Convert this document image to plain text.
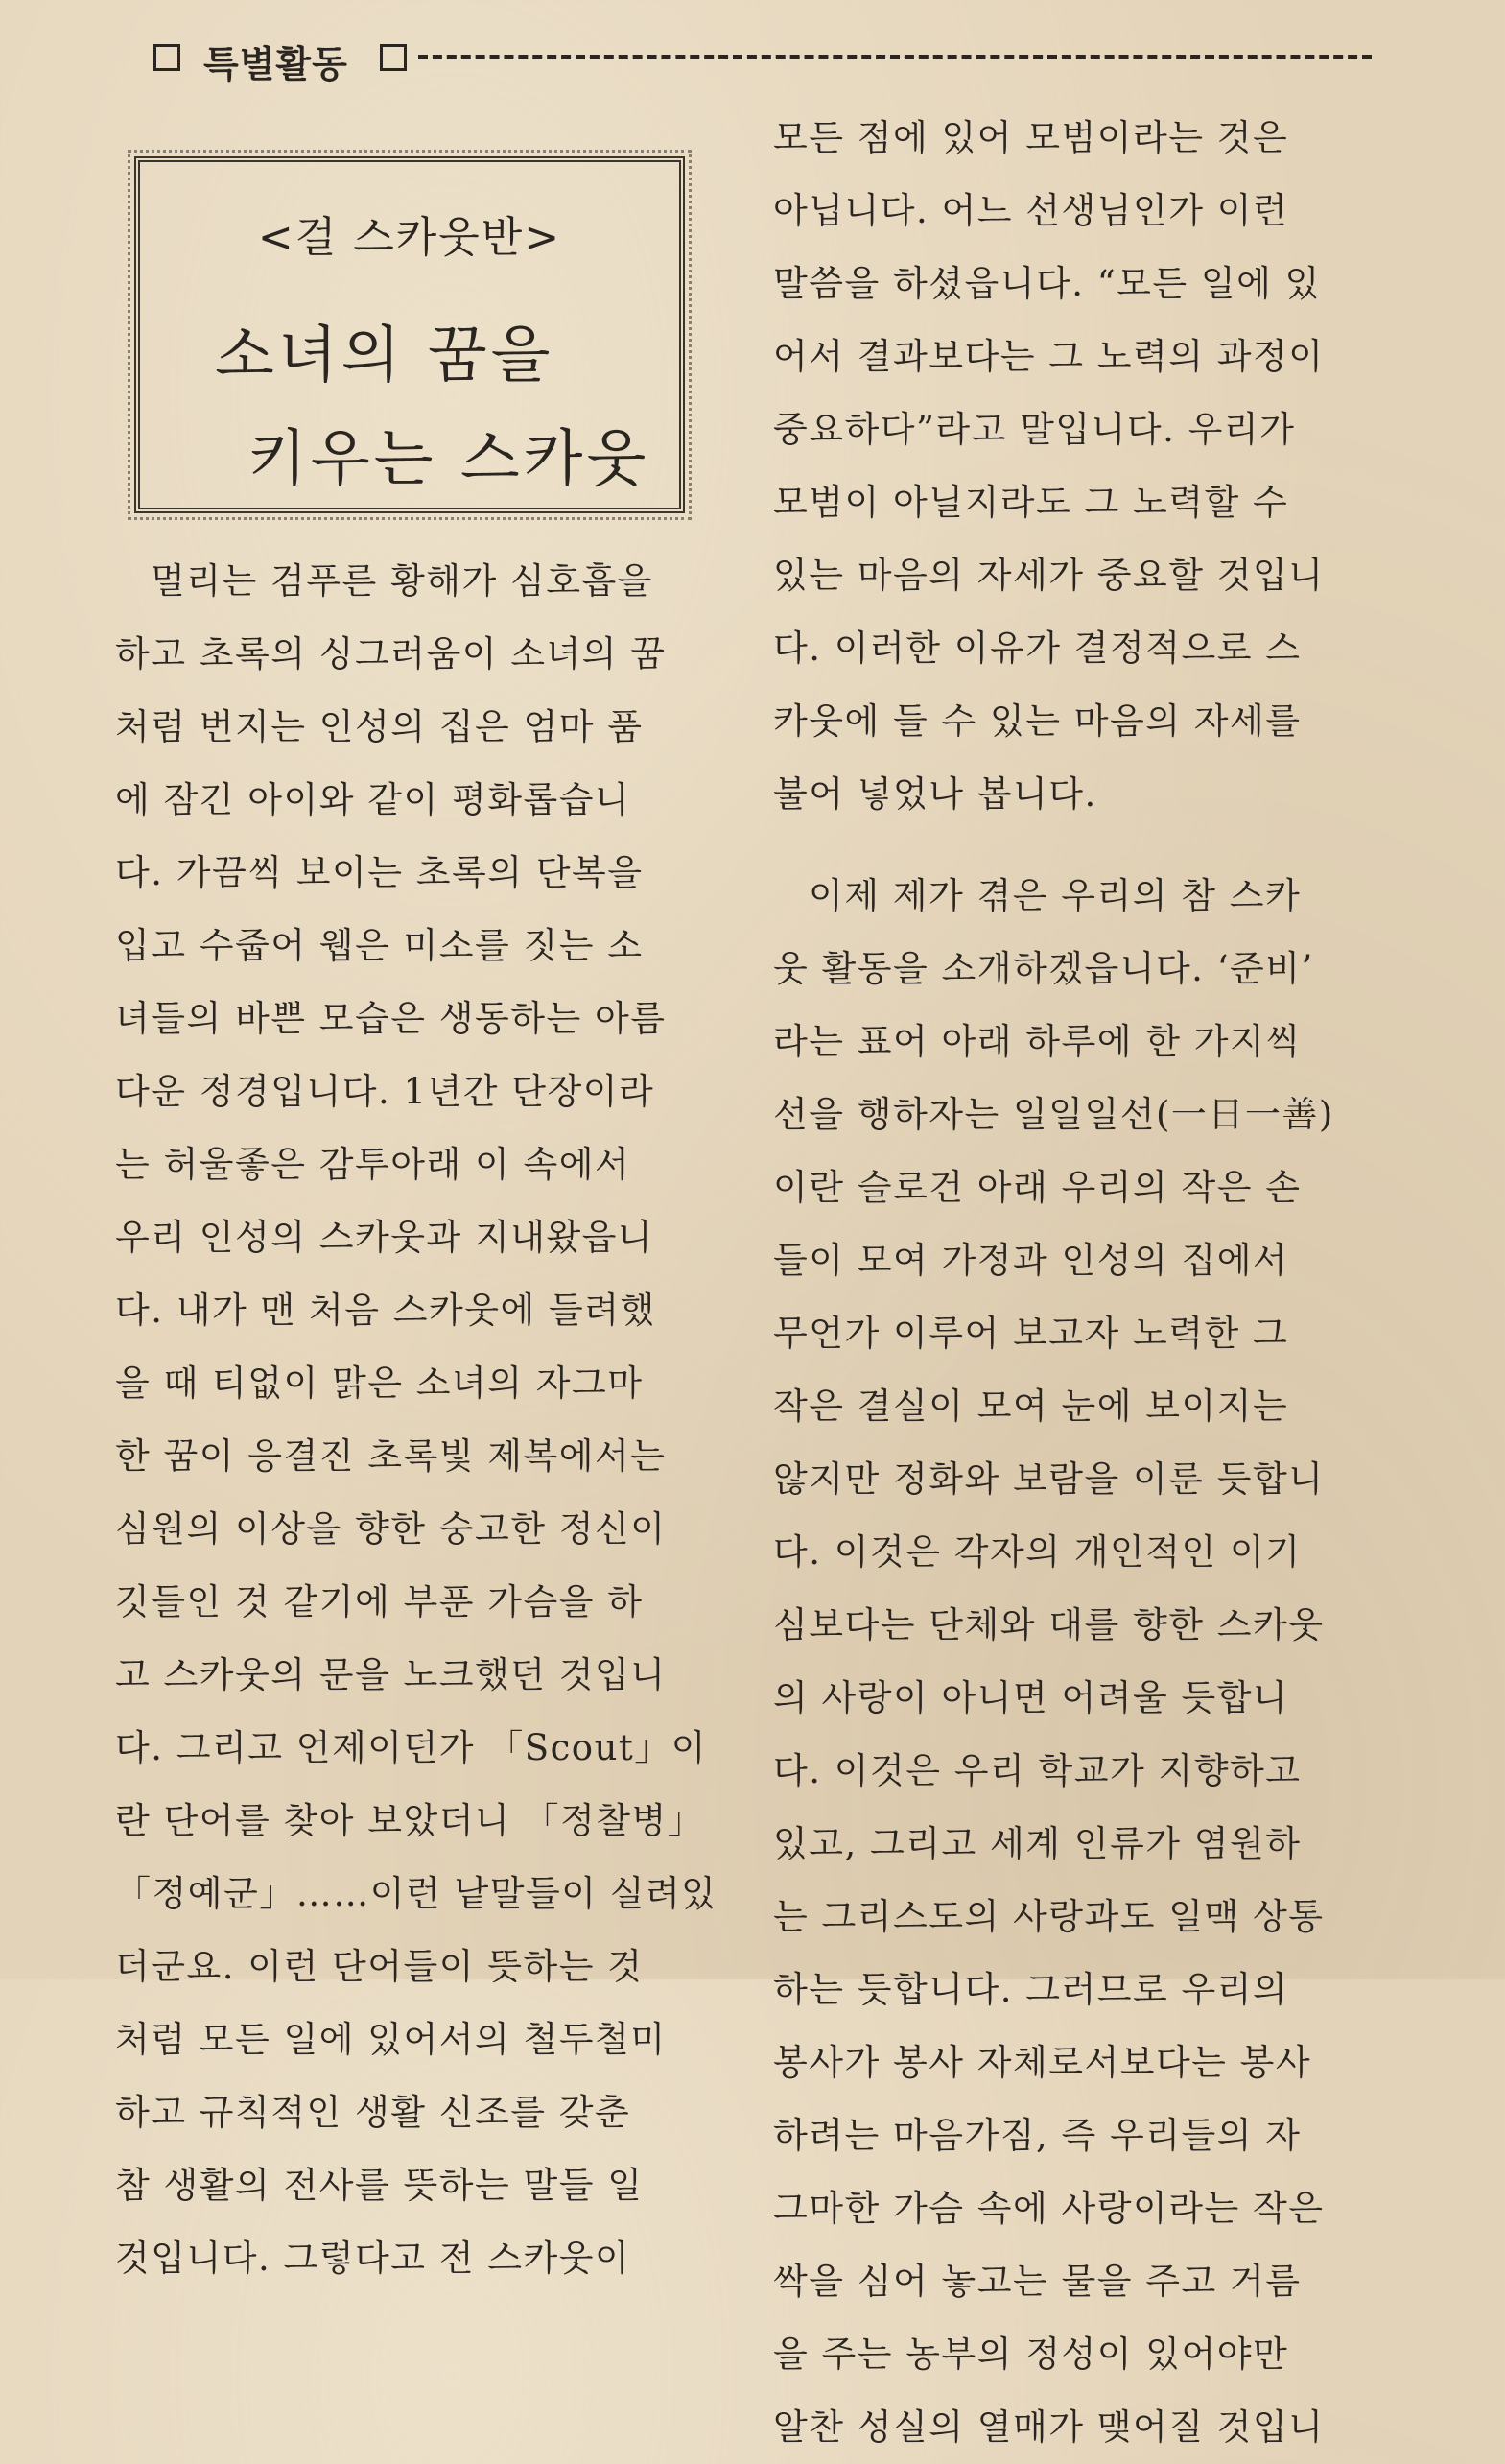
특별활동
<걸 스카웃반>
소녀의 꿈을
키우는 스카웃
멀리는 검푸른 황해가 심호흡을
하고 초록의 싱그러움이 소녀의 꿈
처럼 번지는 인성의 집은 엄마 품
에 잠긴 아이와 같이 평화롭습니
다. 가끔씩 보이는 초록의 단복을
입고 수줍어 웹은 미소를 짓는 소
녀들의 바쁜 모습은 생동하는 아름
다운 정경입니다. 1년간 단장이라
는 허울좋은 감투아래 이 속에서
우리 인성의 스카웃과 지내왔읍니
다. 내가 맨 처음 스카웃에 들려했
을 때 티없이 맑은 소녀의 자그마
한 꿈이 응결진 초록빛 제복에서는
심원의 이상을 향한 숭고한 정신이
깃들인 것 같기에 부푼 가슴을 하
고 스카웃의 문을 노크했던 것입니
다. 그리고 언제이던가 「Scout」이
란 단어를 찾아 보았더니 「정찰병」
「정예군」……이런 낱말들이 실려있
더군요. 이런 단어들이 뜻하는 것
처럼 모든 일에 있어서의 철두철미
하고 규칙적인 생활 신조를 갖춘
참 생활의 전사를 뜻하는 말들 일
것입니다. 그렇다고 전 스카웃이
모든 점에 있어 모범이라는 것은
아닙니다. 어느 선생님인가 이런
말씀을 하셨읍니다. “모든 일에 있
어서 결과보다는 그 노력의 과정이
중요하다”라고 말입니다. 우리가
모범이 아닐지라도 그 노력할 수
있는 마음의 자세가 중요할 것입니
다. 이러한 이유가 결정적으로 스
카웃에 들 수 있는 마음의 자세를
불어 넣었나 봅니다.
이제 제가 겪은 우리의 참 스카
웃 활동을 소개하겠읍니다. ‘준비’
라는 표어 아래 하루에 한 가지씩
선을 행하자는 일일일선(一日一善)
이란 슬로건 아래 우리의 작은 손
들이 모여 가정과 인성의 집에서
무언가 이루어 보고자 노력한 그
작은 결실이 모여 눈에 보이지는
않지만 정화와 보람을 이룬 듯합니
다. 이것은 각자의 개인적인 이기
심보다는 단체와 대를 향한 스카웃
의 사랑이 아니면 어려울 듯합니
다. 이것은 우리 학교가 지향하고
있고, 그리고 세계 인류가 염원하
는 그리스도의 사랑과도 일맥 상통
하는 듯합니다. 그러므로 우리의
봉사가 봉사 자체로서보다는 봉사
하려는 마음가짐, 즉 우리들의 자
그마한 가슴 속에 사랑이라는 작은
싹을 심어 놓고는 물을 주고 거름
을 주는 농부의 정성이 있어야만
알찬 성실의 열매가 맺어질 것입니
